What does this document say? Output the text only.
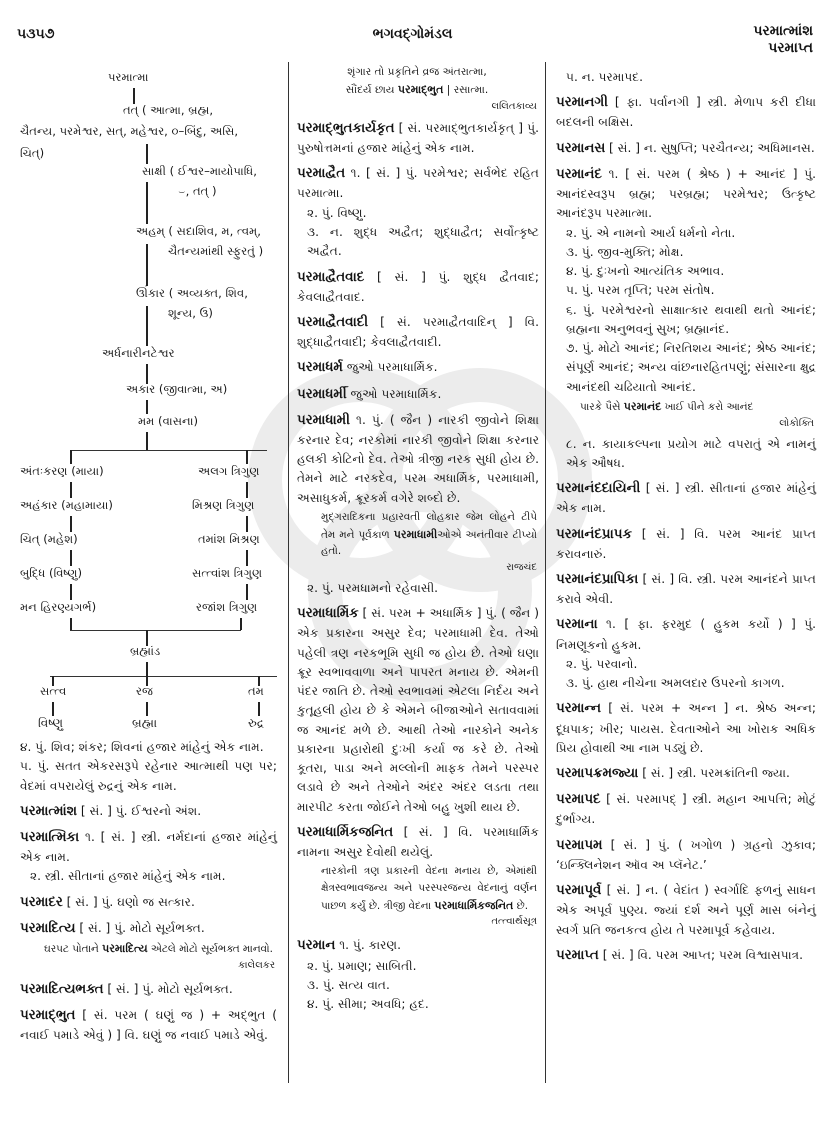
૫૩૫૭	ભગવદ્ગોમંડલ	પરમાત્માંશ
પરમાપ્ત
પરમાત્મા
તત્ ( આત્મા, બ્રહ્મ,
ચૈતન્ય, પરમેશ્વર, સત્, મહેશ્વર, ૦–બિંદુ, અસિ,
ચિત્)
સાક્ષી ( ઈશ્વર–માયોપાધિ,
⌣, તત્ )
અહમ્ ( સદાશિવ, મ, ત્વમ્,
ચૈતન્યમાંથી સ્ફુરતું )
ઊંકાર ( અવ્યક્ત, શિવ,
શૂન્ય, ઉ)
અર્ધનારીનટેશ્વર
અકાર (જીવાત્મા, અ)
મમ (વાસના)
અંતઃકરણ (માયા)	અલગ ત્રિગુણ
અહંકાર (મહામાયા)	મિશ્રણ ત્રિગુણ
ચિત્ (મહેશ)	તમાંશ મિશ્રણ
બુદ્ધિ (વિષ્ણુ)	સત્ત્વાંશ ત્રિગુણ
મન હિરણ્યગર્ભ)	રજાંશ ત્રિગુણ
બ્રહ્માંડ
સત્ત્વ	રજ	તમ
વિષ્ણુ	બ્રહ્મા	રુદ્ર
૪. પું. શિવ; શંકર; શિવનાં હજાર માંહેનું એક નામ.
૫. પું. સતત એકરસરૂપે રહેનાર આત્માથી પણ પર; વેદમાં વપરાયેલું રુદ્રનું એક નામ.
પરમાત્માંશ [ સં. ] પું. ઈશ્વરનો અંશ.
પરમાત્મિકા ૧. [ સં. ] સ્ત્રી. નર્મદાનાં હજાર માંહેનું એક નામ.
૨. સ્ત્રી. સીતાનાં હજાર માંહેનું એક નામ.
પરમાદર [ સં. ] પું. ઘણો જ સત્કાર.
પરમાદિત્ય [ સં. ] પું. મોટો સૂર્યભક્ત.
ઘરપટ પોતાને પરમાદિત્ય એટલે મોટો સૂર્યભક્ત માનવો.
કાલેલકર
પરમાદિત્યભક્ત [ સં. ] પું. મોટો સૂર્યભક્ત.
પરમાદ્ભુત [ સં. પરમ ( ઘણું જ ) + અદ્ભુત ( નવાઈ પમાડે એવું ) ] વિ. ઘણું જ નવાઈ પમાડે એવું.
શૃંગાર તો પ્રકૃતિને વ્રજ અંતરાત્મા,
સૌંદર્ય છાય પરમાદ્ભુત | રસાત્મા.
લલિતકાવ્ય
પરમાદ્ભુતકાર્યકૃત [ સં. પરમાદ્ભુતકાર્યકૃત્ ] પું. પુરુષોત્તમનાં હજાર માંહેનું એક નામ.
પરમાદ્વૈત ૧. [ સં. ] પું. પરમેશ્વર; સર્વભેદ રહિત પરમાત્મા.
૨. પું. વિષ્ણુ.
૩. ન. શુદ્ધ અદ્વૈત; શુદ્ધાદ્વૈત; સર્વોત્કૃષ્ટ અદ્વૈત.
પરમાદ્વૈતવાદ [ સં. ] પું. શુદ્ધ દ્વૈતવાદ; કેવલાદ્વૈતવાદ.
પરમાદ્વૈતવાદી [ સં. પરમાદ્વૈતવાદિન્ ] વિ. શુદ્ધાદ્વૈતવાદી; કેવલાદ્વૈતવાદી.
પરમાધર્મ જુઓ પરમાધાર્મિક.
પરમાધર્મી જુઓ પરમાધાર્મિક.
પરમાધામી ૧. પું. ( જૈન ) નારકી જીવોને શિક્ષા કરનાર દેવ; નરકોમાં નારકી જીવોને શિક્ષા કરનાર હલકી કોટિનો દેવ. તેઓ ત્રીજી નરક સુધી હોય છે. તેમને માટે નરકદેવ, પરમ અધાર્મિક, પરમાધામી, અસાધુકર્મ, ક્રૂરકર્મ વગેરે શબ્દો છે.
મુદ્ગરાદિકના પ્રહારવતી લોહકાર જેમ લોહને ટીપે તેમ મને પૂર્વકાળ પરમાધામીઓએ અનંતીવાર ટીપ્યો હતો.
રાજચંદ
૨. પું. પરમધામનો રહેવાસી.
પરમાધાર્મિક [ સં. પરમ + અધાર્મિક ] પું. ( જૈન ) એક પ્રકારના અસુર દેવ; પરમાધામી દેવ. તેઓ પહેલી ત્રણ નરકભૂમિ સુધી જ હોય છે. તેઓ ઘણા ક્રૂર સ્વભાવવાળા અને પાપરત મનાય છે. એમની પંદર જાતિ છે. તેઓ સ્વભાવમાં એટલા નિર્દય અને કુતૂહલી હોય છે કે એમને બીજાઓને સતાવવામાં જ આનંદ મળે છે. આથી તેઓ નારકોને અનેક પ્રકારના પ્રહારોથી દુઃખી કર્યા જ કરે છે. તેઓ કૂતરા, પાડા અને મલ્લોની માફક તેમને પરસ્પર લડાવે છે અને તેઓને અંદર અંદર લડતા તથા મારપીટ કરતા જોઈને તેઓ બહુ ખુશી થાય છે.
પરમાધાર્મિકજનિત [ સં. ] વિ. પરમાધાર્મિક નામના અસુર દેવોથી થયેલું.
નારકોની ત્રણ પ્રકારની વેદના મનાય છે, એમાંથી ક્ષેત્રસ્વભાવજન્ય અને પરસ્પરજન્ય વેદનાનું વર્ણન પાછળ કર્યું છે. ત્રીજી વેદના પરમાધાર્મિકજનિત છે.
તત્ત્વાર્થસૂત્ર
પરમાન ૧. પું. કારણ.
૨. પું. પ્રમાણ; સાબિતી.
૩. પું. સત્ય વાત.
૪. પું. સીમા; અવધિ; હદ.
૫. ન. પરમાપદ.
પરમાનગી [ ફા. પર્વાનગી ] સ્ત્રી. મેળાપ કરી દીધા બદલની બક્ષિસ.
પરમાનસ [ સં. ] ન. સુષુપ્તિ; પરચૈતન્ય; અધિમાનસ.
પરમાનંદ ૧. [ સં. પરમ ( શ્રેષ્ઠ ) + આનંદ ] પું. આનંદસ્વરૂપ બ્રહ્મ; પરબ્રહ્મ; પરમેશ્વર; ઉત્કૃષ્ટ આનંદરૂપ પરમાત્મા.
૨. પું. એ નામનો આર્ય ધર્મનો નેતા.
૩. પું. જીવ-મુક્તિ; મોક્ષ.
૪. પું. દુઃખનો આત્યંતિક અભાવ.
૫. પું. પરમ તૃપ્તિ; પરમ સંતોષ.
૬. પું. પરમેશ્વરનો સાક્ષાત્કાર થવાથી થતો આનંદ; બ્રહ્મના અનુભવનું સુખ; બ્રહ્માનંદ.
૭. પું. મોટો આનંદ; નિરતિશય આનંદ; શ્રેષ્ઠ આનંદ; સંપૂર્ણ આનંદ; અન્ય વાંછનારહિતપણું; સંસારના ક્ષુદ્ર આનંદથી ચઢિયાતો આનંદ.
પારકે પૈસે પરમાનંદ ખાઈ પીને કરો આનંદ
લોકોક્તિ
૮. ન. કાયાકલ્પના પ્રયોગ માટે વપરાતું એ નામનું એક ઔષધ.
પરમાનંદદાયિની [ સં. ] સ્ત્રી. સીતાનાં હજાર માંહેનું એક નામ.
પરમાનંદપ્રાપક [ સં. ] વિ. પરમ આનંદ પ્રાપ્ત કરાવનારું.
પરમાનંદપ્રાપિકા [ સં. ] વિ. સ્ત્રી. પરમ આનંદને પ્રાપ્ત કરાવે એવી.
પરમાના ૧. [ ફા. ફરમુદ ( હુકમ કર્યો ) ] પું. નિમણૂકનો હુકમ.
૨. પું. પરવાનો.
૩. પું. હાથ નીચેના અમલદાર ઉપરનો કાગળ.
પરમાન્ન [ સં. પરમ + અન્ન ] ન. શ્રેષ્ઠ અન્ન; દૂધપાક; ખીર; પાયસ. દેવતાઓને આ ખોરાક અધિક પ્રિય હોવાથી આ નામ પડ્યું છે.
પરમાપક્રમજ્યા [ સં. ] સ્ત્રી. પરમક્રાંતિની જ્યા.
પરમાપદ [ સં. પરમાપદ્ ] સ્ત્રી. મહાન આપત્તિ; મોટું દુર્ભાગ્ય.
પરમાપમ [ સં. ] પું. ( ખગોળ ) ગ્રહનો ઝુકાવ; ‘ઇન્ક્લિનેશન ઑવ અ પ્લૅનેટ.’
પરમાપૂર્વ [ સં. ] ન. ( વેદાંત ) સ્વર્ગાદિ ફળનું સાધન એક અપૂર્વ પુણ્ય. જ્યાં દર્શ અને પૂર્ણ માસ બંનેનું સ્વર્ગ પ્રતિ જનકત્વ હોય તે પરમાપૂર્વ કહેવાય.
પરમાપ્ત [ સં. ] વિ. પરમ આપ્ત; પરમ વિશ્વાસપાત્ર.
